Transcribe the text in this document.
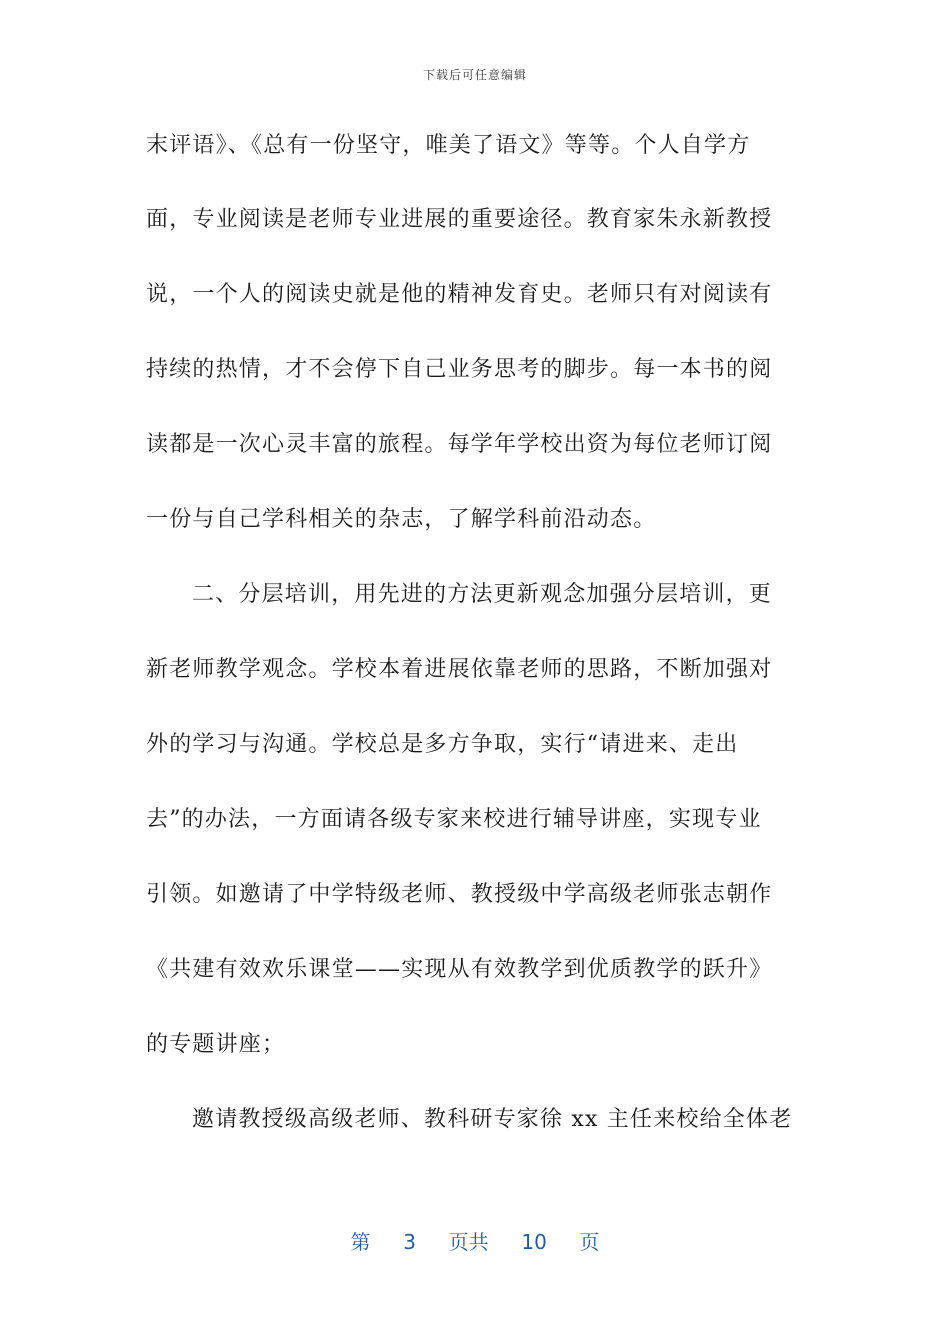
下载后可任意编辑
末评语》、《总有一份坚守，唯美了语文》等等。个人自学方
面，专业阅读是老师专业进展的重要途径。教育家朱永新教授
说，一个人的阅读史就是他的精神发育史。老师只有对阅读有
持续的热情，才不会停下自己业务思考的脚步。每一本书的阅
读都是一次心灵丰富的旅程。每学年学校出资为每位老师订阅
一份与自己学科相关的杂志，了解学科前沿动态。
二、分层培训，用先进的方法更新观念加强分层培训，更
新老师教学观念。学校本着进展依靠老师的思路，不断加强对
外的学习与沟通。学校总是多方争取，实行“请进来、走出
去”的办法，一方面请各级专家来校进行辅导讲座，实现专业
引领。如邀请了中学特级老师、教授级中学高级老师张志朝作
《共建有效欢乐课堂——实现从有效教学到优质教学的跃升》
的专题讲座；
邀请教授级高级老师、教科研专家徐 xx 主任来校给全体老
第 3 页共 10 页
